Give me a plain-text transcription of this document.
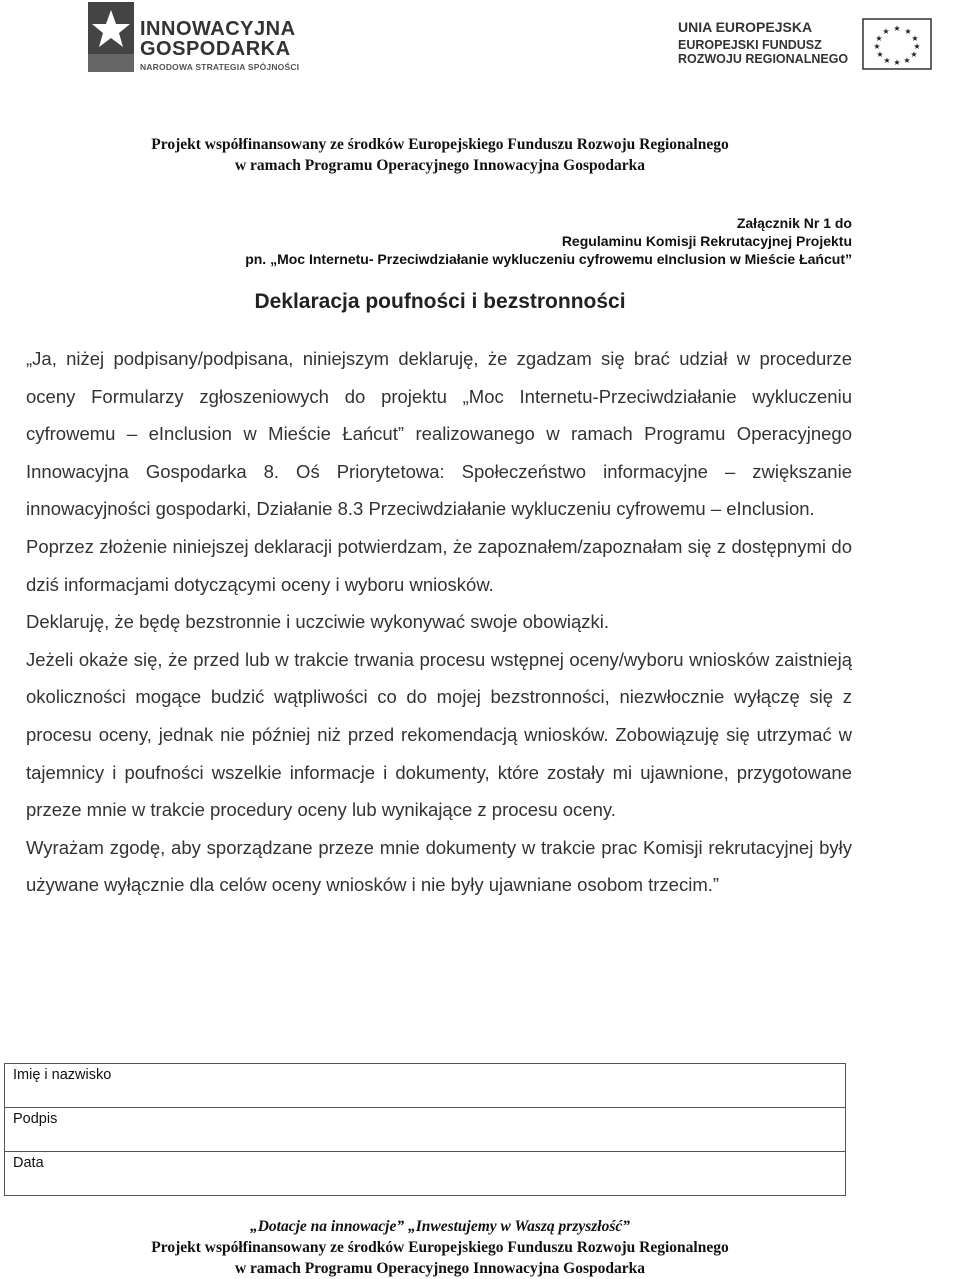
INNOWACYJNA
GOSPODARKA
NARODOWA STRATEGIA SPÓJNOŚCI
UNIA EUROPEJSKA
EUROPEJSKI FUNDUSZ
ROZWOJU REGIONALNEGO
★ ★
★
★
★
★
★
★
★
★
★
★
Projekt współfinansowany ze środków Europejskiego Funduszu Rozwoju Regionalnego
w ramach Programu Operacyjnego Innowacyjna Gospodarka
Załącznik Nr 1 do
Regulaminu Komisji Rekrutacyjnej Projektu
pn. „Moc Internetu- Przeciwdziałanie wykluczeniu cyfrowemu eInclusion w Mieście Łańcut”
Deklaracja poufności i bezstronności

„Ja, niżej podpisany/podpisana, niniejszym deklaruję, że zgadzam się brać udział w procedurze oceny Formularzy zgłoszeniowych do projektu „Moc Internetu-Przeciwdziałanie wykluczeniu cyfrowemu – eInclusion w Mieście Łańcut” realizowanego w ramach Programu Operacyjnego Innowacyjna Gospodarka 8. Oś Priorytetowa: Społeczeństwo informacyjne – zwiększanie innowacyjności gospodarki, Działanie 8.3 Przeciwdziałanie wykluczeniu cyfrowemu – eInclusion.

Poprzez złożenie niniejszej deklaracji potwierdzam, że zapoznałem/zapoznałam się z dostępnymi do dziś informacjami dotyczącymi oceny i wyboru wniosków.

Deklaruję, że będę bezstronnie i uczciwie wykonywać swoje obowiązki.

Jeżeli okaże się, że przed lub w trakcie trwania procesu wstępnej oceny/wyboru wniosków zaistnieją okoliczności mogące budzić wątpliwości co do mojej bezstronności, niezwłocznie wyłączę się z procesu oceny, jednak nie później niż przed rekomendacją wniosków. Zobowiązuję się utrzymać w tajemnicy i poufności wszelkie informacje i dokumenty, które zostały mi ujawnione, przygotowane przeze mnie w trakcie procedury oceny lub wynikające z procesu oceny.

Wyrażam zgodę, aby sporządzane przeze mnie dokumenty w trakcie prac Komisji rekrutacyjnej były używane wyłącznie dla celów oceny wniosków i nie były ujawniane osobom trzecim.”

Imię i nazwisko	
Podpis	
Data	
„Dotacje na innowacje” „Inwestujemy w Waszą przyszłość”
Projekt współfinansowany ze środków Europejskiego Funduszu Rozwoju Regionalnego
w ramach Programu Operacyjnego Innowacyjna Gospodarka
